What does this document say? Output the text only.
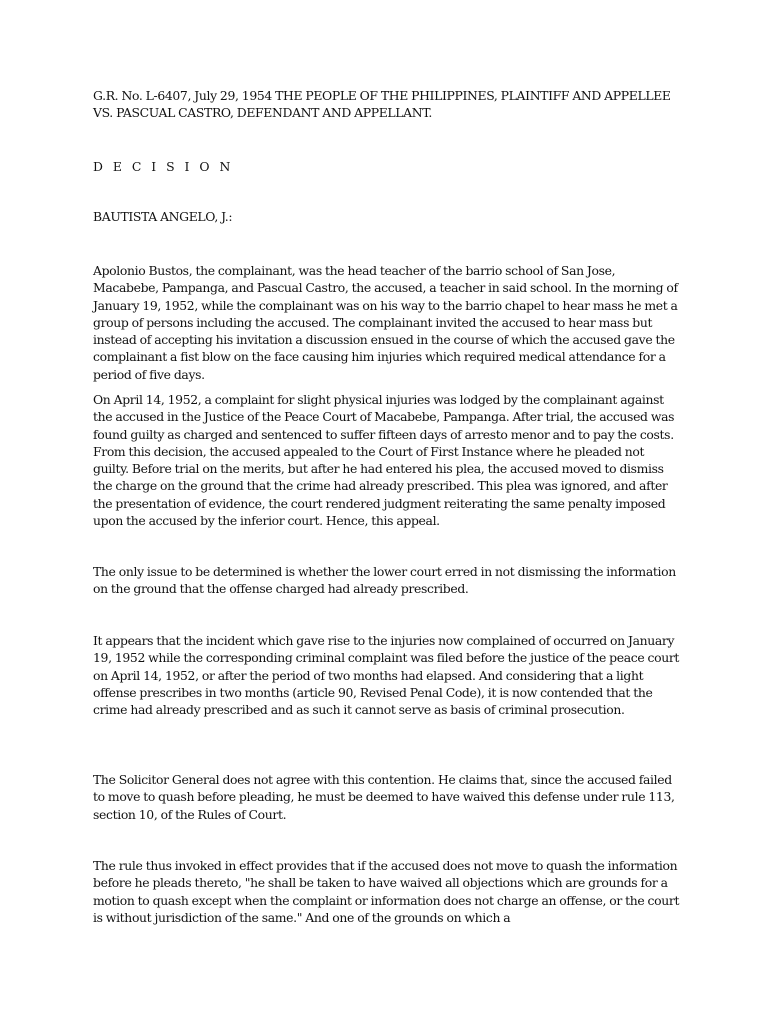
G.R. No. L-6407, July 29, 1954 THE PEOPLE OF THE PHILIPPINES, PLAINTIFF AND APPELLEE VS. PASCUAL CASTRO, DEFENDANT AND APPELLANT.

D E C I S I O N

BAUTISTA ANGELO, J.:

Apolonio Bustos, the complainant, was the head teacher of the barrio school of San Jose, Macabebe, Pampanga, and Pascual Castro, the accused, a teacher in said school. In the morning of January 19, 1952, while the complainant was on his way to the barrio chapel to hear mass he met a group of persons including the accused. The complainant invited the accused to hear mass but instead of accepting his invitation a discussion ensued in the course of which the accused gave the complainant a fist blow on the face causing him injuries which required medical attendance for a period of five days.

On April 14, 1952, a complaint for slight physical injuries was lodged by the complainant against the accused in the Justice of the Peace Court of Macabebe, Pampanga. After trial, the accused was found guilty as charged and sentenced to suffer fifteen days of arresto menor and to pay the costs. From this decision, the accused appealed to the Court of First Instance where he pleaded not guilty. Before trial on the merits, but after he had entered his plea, the accused moved to dismiss the charge on the ground that the crime had already prescribed. This plea was ignored, and after the presentation of evidence, the court rendered judgment reiterating the same penalty imposed upon the accused by the inferior court. Hence, this appeal.

The only issue to be determined is whether the lower court erred in not dismissing the information on the ground that the offense charged had already prescribed.

It appears that the incident which gave rise to the injuries now complained of occurred on January 19, 1952 while the corresponding criminal complaint was filed before the justice of the peace court on April 14, 1952, or after the period of two months had elapsed. And considering that a light offense prescribes in two months (article 90, Revised Penal Code), it is now contended that the crime had already prescribed and as such it cannot serve as basis of criminal prosecution.

The Solicitor General does not agree with this contention. He claims that, since the accused failed to move to quash before pleading, he must be deemed to have waived this defense under rule 113, section 10, of the Rules of Court.

The rule thus invoked in effect provides that if the accused does not move to quash the information before he pleads thereto, "he shall be taken to have waived all objections which are grounds for a motion to quash except when the complaint or information does not charge an offense, or the court is without jurisdiction of the same." And one of the grounds on which a
